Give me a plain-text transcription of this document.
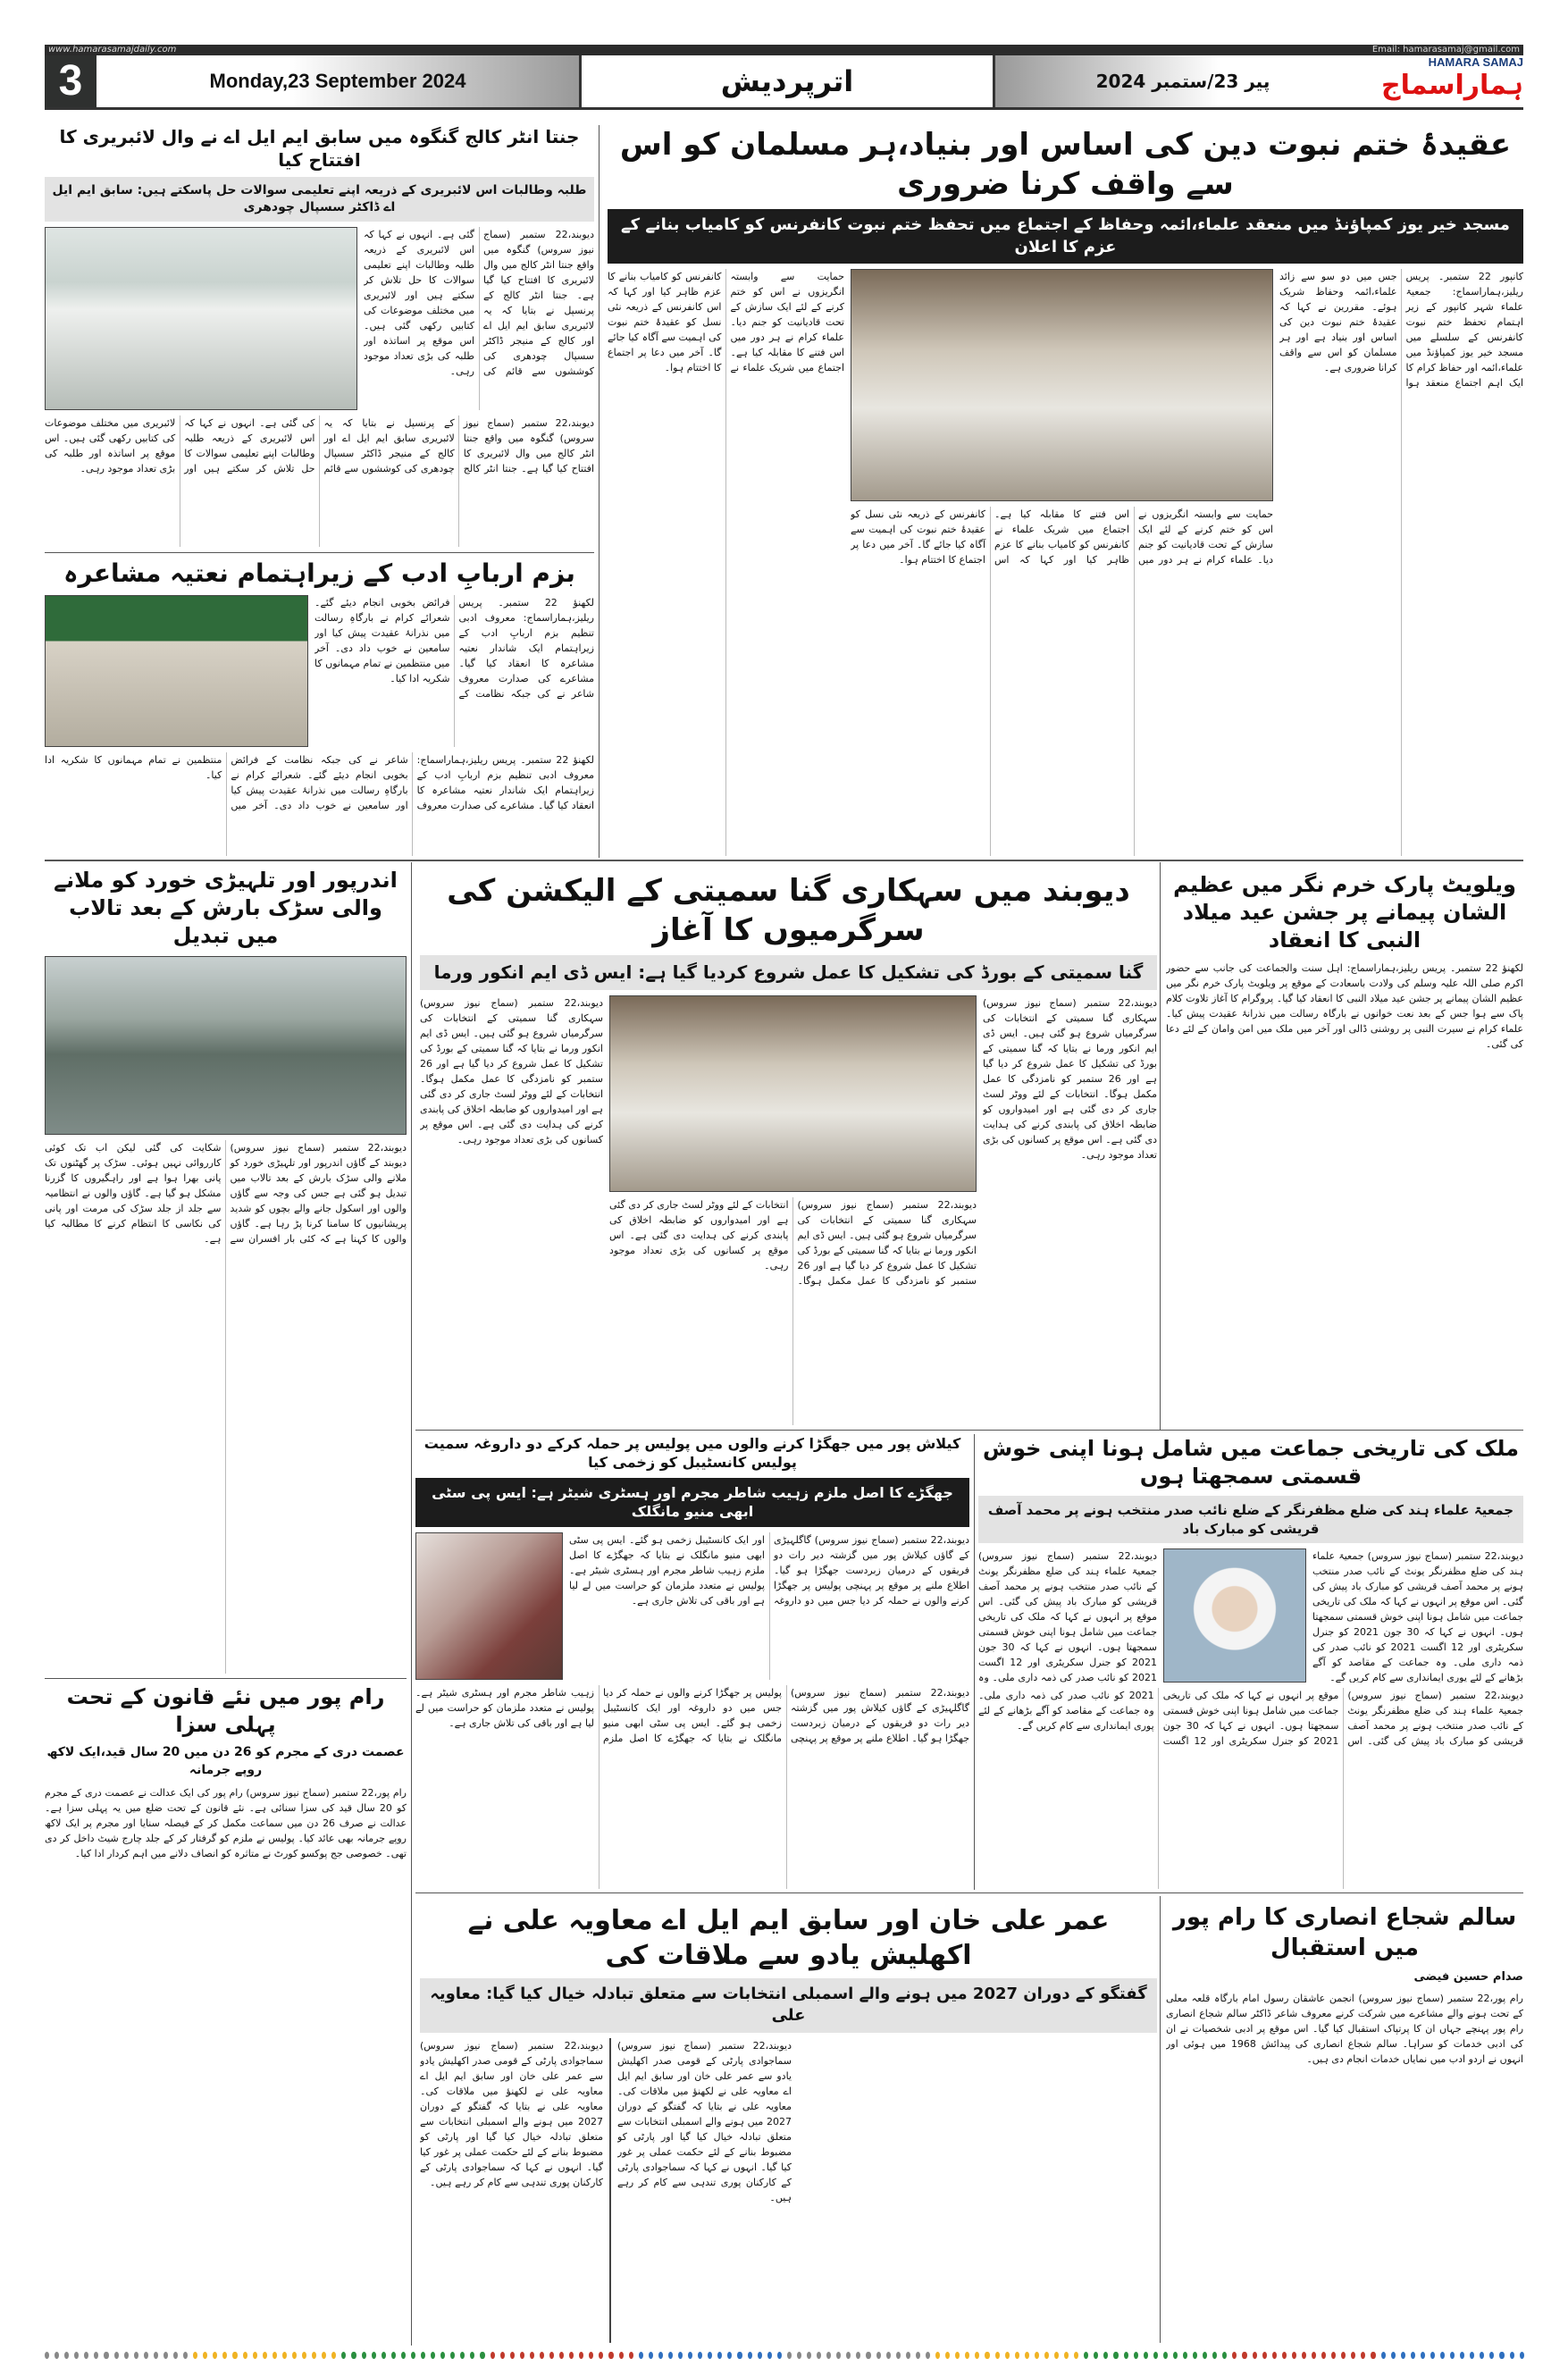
www.hamarasamajdaily.com	Email: hamarasamaj@gmail.com
3	Monday,23 September 2024	اترپردیش	پیر 23/ستمبر 2024
HAMARA SAMAJ
ہماراسماج
جنتا انٹر کالج گنگوہ میں سابق ایم ایل اے نے وال لائبریری کا افتتاح کیا
طلبہ وطالبات اس لائبریری کے ذریعہ اپنے تعلیمی سوالات حل پاسکتے ہیں: سابق ایم ایل اے ڈاکٹر سسپال چودھری
دیوبند،22 ستمبر (سماج نیوز سروس) گنگوہ میں واقع جنتا انٹر کالج میں وال لائبریری کا افتتاح کیا گیا ہے۔ جنتا انٹر کالج کے پرنسپل نے بتایا کہ یہ لائبریری سابق ایم ایل اے اور کالج کے منیجر ڈاکٹر سسپال چودھری کی کوششوں سے قائم کی گئی ہے۔ انہوں نے کہا کہ اس لائبریری کے ذریعہ طلبہ وطالبات اپنے تعلیمی سوالات کا حل تلاش کر سکتے ہیں اور لائبریری میں مختلف موضوعات کی کتابیں رکھی گئی ہیں۔ اس موقع پر اساتذہ اور طلبہ کی بڑی تعداد موجود رہی۔
دیوبند،22 ستمبر (سماج نیوز سروس) گنگوہ میں واقع جنتا انٹر کالج میں وال لائبریری کا افتتاح کیا گیا ہے۔ جنتا انٹر کالج کے پرنسپل نے بتایا کہ یہ لائبریری سابق ایم ایل اے اور کالج کے منیجر ڈاکٹر سسپال چودھری کی کوششوں سے قائم کی گئی ہے۔ انہوں نے کہا کہ اس لائبریری کے ذریعہ طلبہ وطالبات اپنے تعلیمی سوالات کا حل تلاش کر سکتے ہیں اور لائبریری میں مختلف موضوعات کی کتابیں رکھی گئی ہیں۔ اس موقع پر اساتذہ اور طلبہ کی بڑی تعداد موجود رہی۔
بزم اربابِ ادب کے زیراہتمام نعتیہ مشاعرہ
لکھنؤ 22 ستمبر۔ پریس ریلیز،ہماراسماج: معروف ادبی تنظیم بزم اربابِ ادب کے زیراہتمام ایک شاندار نعتیہ مشاعرہ کا انعقاد کیا گیا۔ مشاعرے کی صدارت معروف شاعر نے کی جبکہ نظامت کے فرائض بخوبی انجام دیئے گئے۔ شعرائے کرام نے بارگاہِ رسالت میں نذرانۂ عقیدت پیش کیا اور سامعین نے خوب داد دی۔ آخر میں منتظمین نے تمام مہمانوں کا شکریہ ادا کیا۔
لکھنؤ 22 ستمبر۔ پریس ریلیز،ہماراسماج: معروف ادبی تنظیم بزم اربابِ ادب کے زیراہتمام ایک شاندار نعتیہ مشاعرہ کا انعقاد کیا گیا۔ مشاعرے کی صدارت معروف شاعر نے کی جبکہ نظامت کے فرائض بخوبی انجام دیئے گئے۔ شعرائے کرام نے بارگاہِ رسالت میں نذرانۂ عقیدت پیش کیا اور سامعین نے خوب داد دی۔ آخر میں منتظمین نے تمام مہمانوں کا شکریہ ادا کیا۔
عقیدۂ ختم نبوت دین کی اساس اور بنیاد،ہر مسلمان کو اس سے واقف کرنا ضروری
مسجد خیر یوز کمپاؤنڈ میں منعقد علماء،ائمہ وحفاظ کے اجتماع میں تحفظ ختم نبوت کانفرنس کو کامیاب بنانے کے عزم کا اعلان
حمایت سے وابستہ انگریزوں نے اس کو ختم کرنے کے لئے ایک سازش کے تحت قادیانیت کو جنم دیا۔ علماء کرام نے ہر دور میں اس فتنے کا مقابلہ کیا ہے۔ اجتماع میں شریک علماء نے کانفرنس کو کامیاب بنانے کا عزم ظاہر کیا اور کہا کہ اس کانفرنس کے ذریعہ نئی نسل کو عقیدۂ ختم نبوت کی اہمیت سے آگاہ کیا جائے گا۔ آخر میں دعا پر اجتماع کا اختتام ہوا۔
حمایت سے وابستہ انگریزوں نے اس کو ختم کرنے کے لئے ایک سازش کے تحت قادیانیت کو جنم دیا۔ علماء کرام نے ہر دور میں اس فتنے کا مقابلہ کیا ہے۔ اجتماع میں شریک علماء نے کانفرنس کو کامیاب بنانے کا عزم ظاہر کیا اور کہا کہ اس کانفرنس کے ذریعہ نئی نسل کو عقیدۂ ختم نبوت کی اہمیت سے آگاہ کیا جائے گا۔ آخر میں دعا پر اجتماع کا اختتام ہوا۔
کانپور 22 ستمبر۔ پریس ریلیز،ہماراسماج: جمعیۃ علماء شہر کانپور کے زیر اہتمام تحفظ ختم نبوت کانفرنس کے سلسلے میں مسجد خیر یوز کمپاؤنڈ میں علماء،ائمہ اور حفاظ کرام کا ایک اہم اجتماع منعقد ہوا جس میں دو سو سے زائد علماء،ائمہ وحفاظ شریک ہوئے۔ مقررین نے کہا کہ عقیدۂ ختم نبوت دین کی اساس اور بنیاد ہے اور ہر مسلمان کو اس سے واقف کرانا ضروری ہے۔
اندرپور اور تلہیڑی خورد کو ملانے والی سڑک بارش کے بعد تالاب میں تبدیل
دیوبند،22 ستمبر (سماج نیوز سروس) دیوبند کے گاؤں اندرپور اور تلہیڑی خورد کو ملانے والی سڑک بارش کے بعد تالاب میں تبدیل ہو گئی ہے جس کی وجہ سے گاؤں والوں اور اسکول جانے والے بچوں کو شدید پریشانیوں کا سامنا کرنا پڑ رہا ہے۔ گاؤں والوں کا کہنا ہے کہ کئی بار افسران سے شکایت کی گئی لیکن اب تک کوئی کارروائی نہیں ہوئی۔ سڑک پر گھٹنوں تک پانی بھرا ہوا ہے اور راہگیروں کا گزرنا مشکل ہو گیا ہے۔ گاؤں والوں نے انتظامیہ سے جلد از جلد سڑک کی مرمت اور پانی کی نکاسی کا انتظام کرنے کا مطالبہ کیا ہے۔
دیوبند میں سہکاری گنا سمیتی کے الیکشن کی سرگرمیوں کا آغاز
گنا سمیتی کے بورڈ کی تشکیل کا عمل شروع کردیا گیا ہے: ایس ڈی ایم انکور ورما
دیوبند،22 ستمبر (سماج نیوز سروس) سہکاری گنا سمیتی کے انتخابات کی سرگرمیاں شروع ہو گئی ہیں۔ ایس ڈی ایم انکور ورما نے بتایا کہ گنا سمیتی کے بورڈ کی تشکیل کا عمل شروع کر دیا گیا ہے اور 26 ستمبر کو نامزدگی کا عمل مکمل ہوگا۔ انتخابات کے لئے ووٹر لسٹ جاری کر دی گئی ہے اور امیدواروں کو ضابطہ اخلاق کی پابندی کرنے کی ہدایت دی گئی ہے۔ اس موقع پر کسانوں کی بڑی تعداد موجود رہی۔
دیوبند،22 ستمبر (سماج نیوز سروس) سہکاری گنا سمیتی کے انتخابات کی سرگرمیاں شروع ہو گئی ہیں۔ ایس ڈی ایم انکور ورما نے بتایا کہ گنا سمیتی کے بورڈ کی تشکیل کا عمل شروع کر دیا گیا ہے اور 26 ستمبر کو نامزدگی کا عمل مکمل ہوگا۔ انتخابات کے لئے ووٹر لسٹ جاری کر دی گئی ہے اور امیدواروں کو ضابطہ اخلاق کی پابندی کرنے کی ہدایت دی گئی ہے۔ اس موقع پر کسانوں کی بڑی تعداد موجود رہی۔
دیوبند،22 ستمبر (سماج نیوز سروس) سہکاری گنا سمیتی کے انتخابات کی سرگرمیاں شروع ہو گئی ہیں۔ ایس ڈی ایم انکور ورما نے بتایا کہ گنا سمیتی کے بورڈ کی تشکیل کا عمل شروع کر دیا گیا ہے اور 26 ستمبر کو نامزدگی کا عمل مکمل ہوگا۔ انتخابات کے لئے ووٹر لسٹ جاری کر دی گئی ہے اور امیدواروں کو ضابطہ اخلاق کی پابندی کرنے کی ہدایت دی گئی ہے۔ اس موقع پر کسانوں کی بڑی تعداد موجود رہی۔
ویلویٹ پارک خرم نگر میں عظیم الشان پیمانے پر جشن عید میلاد النبی کا انعقاد
لکھنؤ 22 ستمبر۔ پریس ریلیز،ہماراسماج: اہل سنت والجماعت کی جانب سے حضور اکرم صلی اللہ علیہ وسلم کی ولادت باسعادت کے موقع پر ویلویٹ پارک خرم نگر میں عظیم الشان پیمانے پر جشن عید میلاد النبی کا انعقاد کیا گیا۔ پروگرام کا آغاز تلاوت کلام پاک سے ہوا جس کے بعد نعت خوانوں نے بارگاہ رسالت میں نذرانۂ عقیدت پیش کیا۔ علماء کرام نے سیرت النبی پر روشنی ڈالی اور آخر میں ملک میں امن وامان کے لئے دعا کی گئی۔
کیلاش پور میں جھگڑا کرنے والوں میں پولیس پر حملہ کرکے دو داروغہ سمیت پولیس کانسٹیبل کو زخمی کیا
جھگڑے کا اصل ملزم زہیب شاطر مجرم اور ہسٹری شیٹر ہے: ایس پی سٹی ابھی منیو مانگلک
دیوبند،22 ستمبر (سماج نیوز سروس) گاگلہیڑی کے گاؤں کیلاش پور میں گزشتہ دیر رات دو فریقوں کے درمیان زبردست جھگڑا ہو گیا۔ اطلاع ملنے پر موقع پر پہنچی پولیس پر جھگڑا کرنے والوں نے حملہ کر دیا جس میں دو داروغہ اور ایک کانسٹیبل زخمی ہو گئے۔ ایس پی سٹی ابھی منیو مانگلک نے بتایا کہ جھگڑے کا اصل ملزم زہیب شاطر مجرم اور ہسٹری شیٹر ہے۔ پولیس نے متعدد ملزمان کو حراست میں لے لیا ہے اور باقی کی تلاش جاری ہے۔
دیوبند،22 ستمبر (سماج نیوز سروس) گاگلہیڑی کے گاؤں کیلاش پور میں گزشتہ دیر رات دو فریقوں کے درمیان زبردست جھگڑا ہو گیا۔ اطلاع ملنے پر موقع پر پہنچی پولیس پر جھگڑا کرنے والوں نے حملہ کر دیا جس میں دو داروغہ اور ایک کانسٹیبل زخمی ہو گئے۔ ایس پی سٹی ابھی منیو مانگلک نے بتایا کہ جھگڑے کا اصل ملزم زہیب شاطر مجرم اور ہسٹری شیٹر ہے۔ پولیس نے متعدد ملزمان کو حراست میں لے لیا ہے اور باقی کی تلاش جاری ہے۔
ملک کی تاریخی جماعت میں شامل ہونا اپنی خوش قسمتی سمجھتا ہوں
جمعیۃ علماء ہند کی ضلع مظفرنگر کے ضلع نائب صدر منتخب ہونے پر محمد آصف قریشی کو مبارک باد
دیوبند،22 ستمبر (سماج نیوز سروس) جمعیۃ علماء ہند کی ضلع مظفرنگر یونٹ کے نائب صدر منتخب ہونے پر محمد آصف قریشی کو مبارک باد پیش کی گئی۔ اس موقع پر انہوں نے کہا کہ ملک کی تاریخی جماعت میں شامل ہونا اپنی خوش قسمتی سمجھتا ہوں۔ انہوں نے کہا کہ 30 جون 2021 کو جنرل سکریٹری اور 12 اگست 2021 کو نائب صدر کی ذمہ داری ملی۔ وہ
دیوبند،22 ستمبر (سماج نیوز سروس) جمعیۃ علماء ہند کی ضلع مظفرنگر یونٹ کے نائب صدر منتخب ہونے پر محمد آصف قریشی کو مبارک باد پیش کی گئی۔ اس موقع پر انہوں نے کہا کہ ملک کی تاریخی جماعت میں شامل ہونا اپنی خوش قسمتی سمجھتا ہوں۔ انہوں نے کہا کہ 30 جون 2021 کو جنرل سکریٹری اور 12 اگست 2021 کو نائب صدر کی ذمہ داری ملی۔ وہ جماعت کے مقاصد کو آگے بڑھانے کے لئے پوری ایمانداری سے کام کریں گے۔
دیوبند،22 ستمبر (سماج نیوز سروس) جمعیۃ علماء ہند کی ضلع مظفرنگر یونٹ کے نائب صدر منتخب ہونے پر محمد آصف قریشی کو مبارک باد پیش کی گئی۔ اس موقع پر انہوں نے کہا کہ ملک کی تاریخی جماعت میں شامل ہونا اپنی خوش قسمتی سمجھتا ہوں۔ انہوں نے کہا کہ 30 جون 2021 کو جنرل سکریٹری اور 12 اگست 2021 کو نائب صدر کی ذمہ داری ملی۔ وہ جماعت کے مقاصد کو آگے بڑھانے کے لئے پوری ایمانداری سے کام کریں گے۔
رام پور میں نئے قانون کے تحت پہلی سزا
عصمت دری کے مجرم کو 26 دن میں 20 سال قید،ایک لاکھ روپے جرمانہ
رام پور،22 ستمبر (سماج نیوز سروس) رام پور کی ایک عدالت نے عصمت دری کے مجرم کو 20 سال قید کی سزا سنائی ہے۔ نئے قانون کے تحت ضلع میں یہ پہلی سزا ہے۔ عدالت نے صرف 26 دن میں سماعت مکمل کر کے فیصلہ سنایا اور مجرم پر ایک لاکھ روپے جرمانہ بھی عائد کیا۔ پولیس نے ملزم کو گرفتار کر کے جلد چارج شیٹ داخل کر دی تھی۔ خصوصی جج پوکسو کورٹ نے متاثرہ کو انصاف دلانے میں اہم کردار ادا کیا۔
عمر علی خان اور سابق ایم ایل اے معاویہ علی نے اکھلیش یادو سے ملاقات کی
گفتگو کے دوران 2027 میں ہونے والے اسمبلی انتخابات سے متعلق تبادلہ خیال کیا گیا: معاویہ علی
دیوبند،22 ستمبر (سماج نیوز سروس) سماجوادی پارٹی کے قومی صدر اکھلیش یادو سے عمر علی خان اور سابق ایم ایل اے معاویہ علی نے لکھنؤ میں ملاقات کی۔ معاویہ علی نے بتایا کہ گفتگو کے دوران 2027 میں ہونے والے اسمبلی انتخابات سے متعلق تبادلہ خیال کیا گیا اور پارٹی کو مضبوط بنانے کے لئے حکمت عملی پر غور کیا گیا۔ انہوں نے کہا کہ سماجوادی پارٹی کے کارکنان پوری تندہی سے کام کر رہے ہیں۔
دیوبند،22 ستمبر (سماج نیوز سروس) سماجوادی پارٹی کے قومی صدر اکھلیش یادو سے عمر علی خان اور سابق ایم ایل اے معاویہ علی نے لکھنؤ میں ملاقات کی۔ معاویہ علی نے بتایا کہ گفتگو کے دوران 2027 میں ہونے والے اسمبلی انتخابات سے متعلق تبادلہ خیال کیا گیا اور پارٹی کو مضبوط بنانے کے لئے حکمت عملی پر غور کیا گیا۔ انہوں نے کہا کہ سماجوادی پارٹی کے کارکنان پوری تندہی سے کام کر رہے ہیں۔
سالم شجاع انصاری کا رام پور میں استقبال
صدام حسین فیضی
رام پور،22 ستمبر (سماج نیوز سروس) انجمن عاشقان رسول امام بارگاہ قلعہ معلی کے تحت ہونے والے مشاعرے میں شرکت کرنے معروف شاعر ڈاکٹر سالم شجاع انصاری رام پور پہنچے جہاں ان کا پرتپاک استقبال کیا گیا۔ اس موقع پر ادبی شخصیات نے ان کی ادبی خدمات کو سراہا۔ سالم شجاع انصاری کی پیدائش 1968 میں ہوئی اور انہوں نے اردو ادب میں نمایاں خدمات انجام دی ہیں۔
